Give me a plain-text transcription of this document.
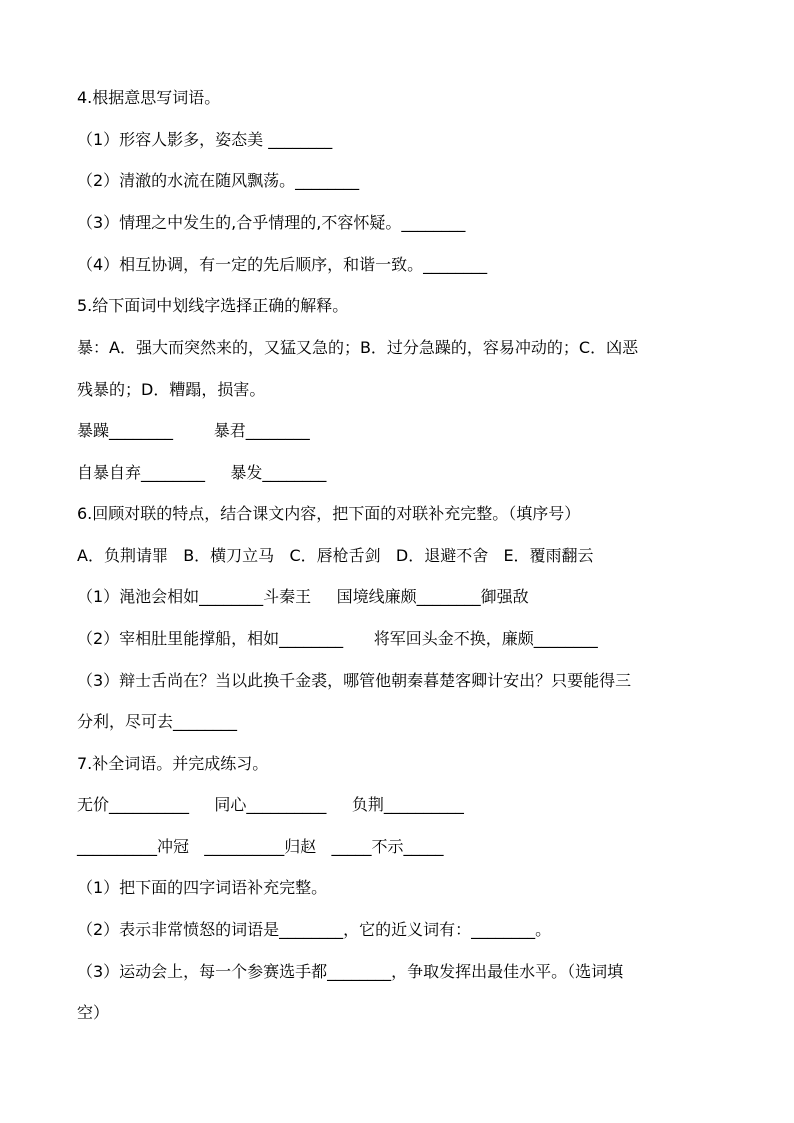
4.根据意思写词语。
（1）形容人影多，姿态美 ________
（2）清澈的水流在随风飘荡。________
（3）情理之中发生的,合乎情理的,不容怀疑。________
（4）相互协调，有一定的先后顺序，和谐一致。________
5.给下面词中划线字选择正确的解释。
暴：A．强大而突然来的，又猛又急的；B．过分急躁的，容易冲动的；C．凶恶
残暴的；D．糟蹋，损害。
暴躁________        暴君________
自暴自弃________     暴发________
6.回顾对联的特点，结合课文内容，把下面的对联补充完整。（填序号）
A．负荆请罪   B．横刀立马   C．唇枪舌剑   D．退避不舍   E．覆雨翻云
（1）渑池会相如________斗秦王     国境线廉颇________御强敌
（2）宰相肚里能撑船，相如________      将军回头金不换，廉颇________
（3）辩士舌尚在？当以此换千金裘，哪管他朝秦暮楚客卿计安出？只要能得三
分利，尽可去________
7.补全词语。并完成练习。
无价__________     同心__________     负荆__________
__________冲冠   __________归赵   _____不示_____
（1）把下面的四字词语补充完整。
（2）表示非常愤怒的词语是________，它的近义词有：________。
（3）运动会上，每一个参赛选手都________，争取发挥出最佳水平。（选词填
空）
